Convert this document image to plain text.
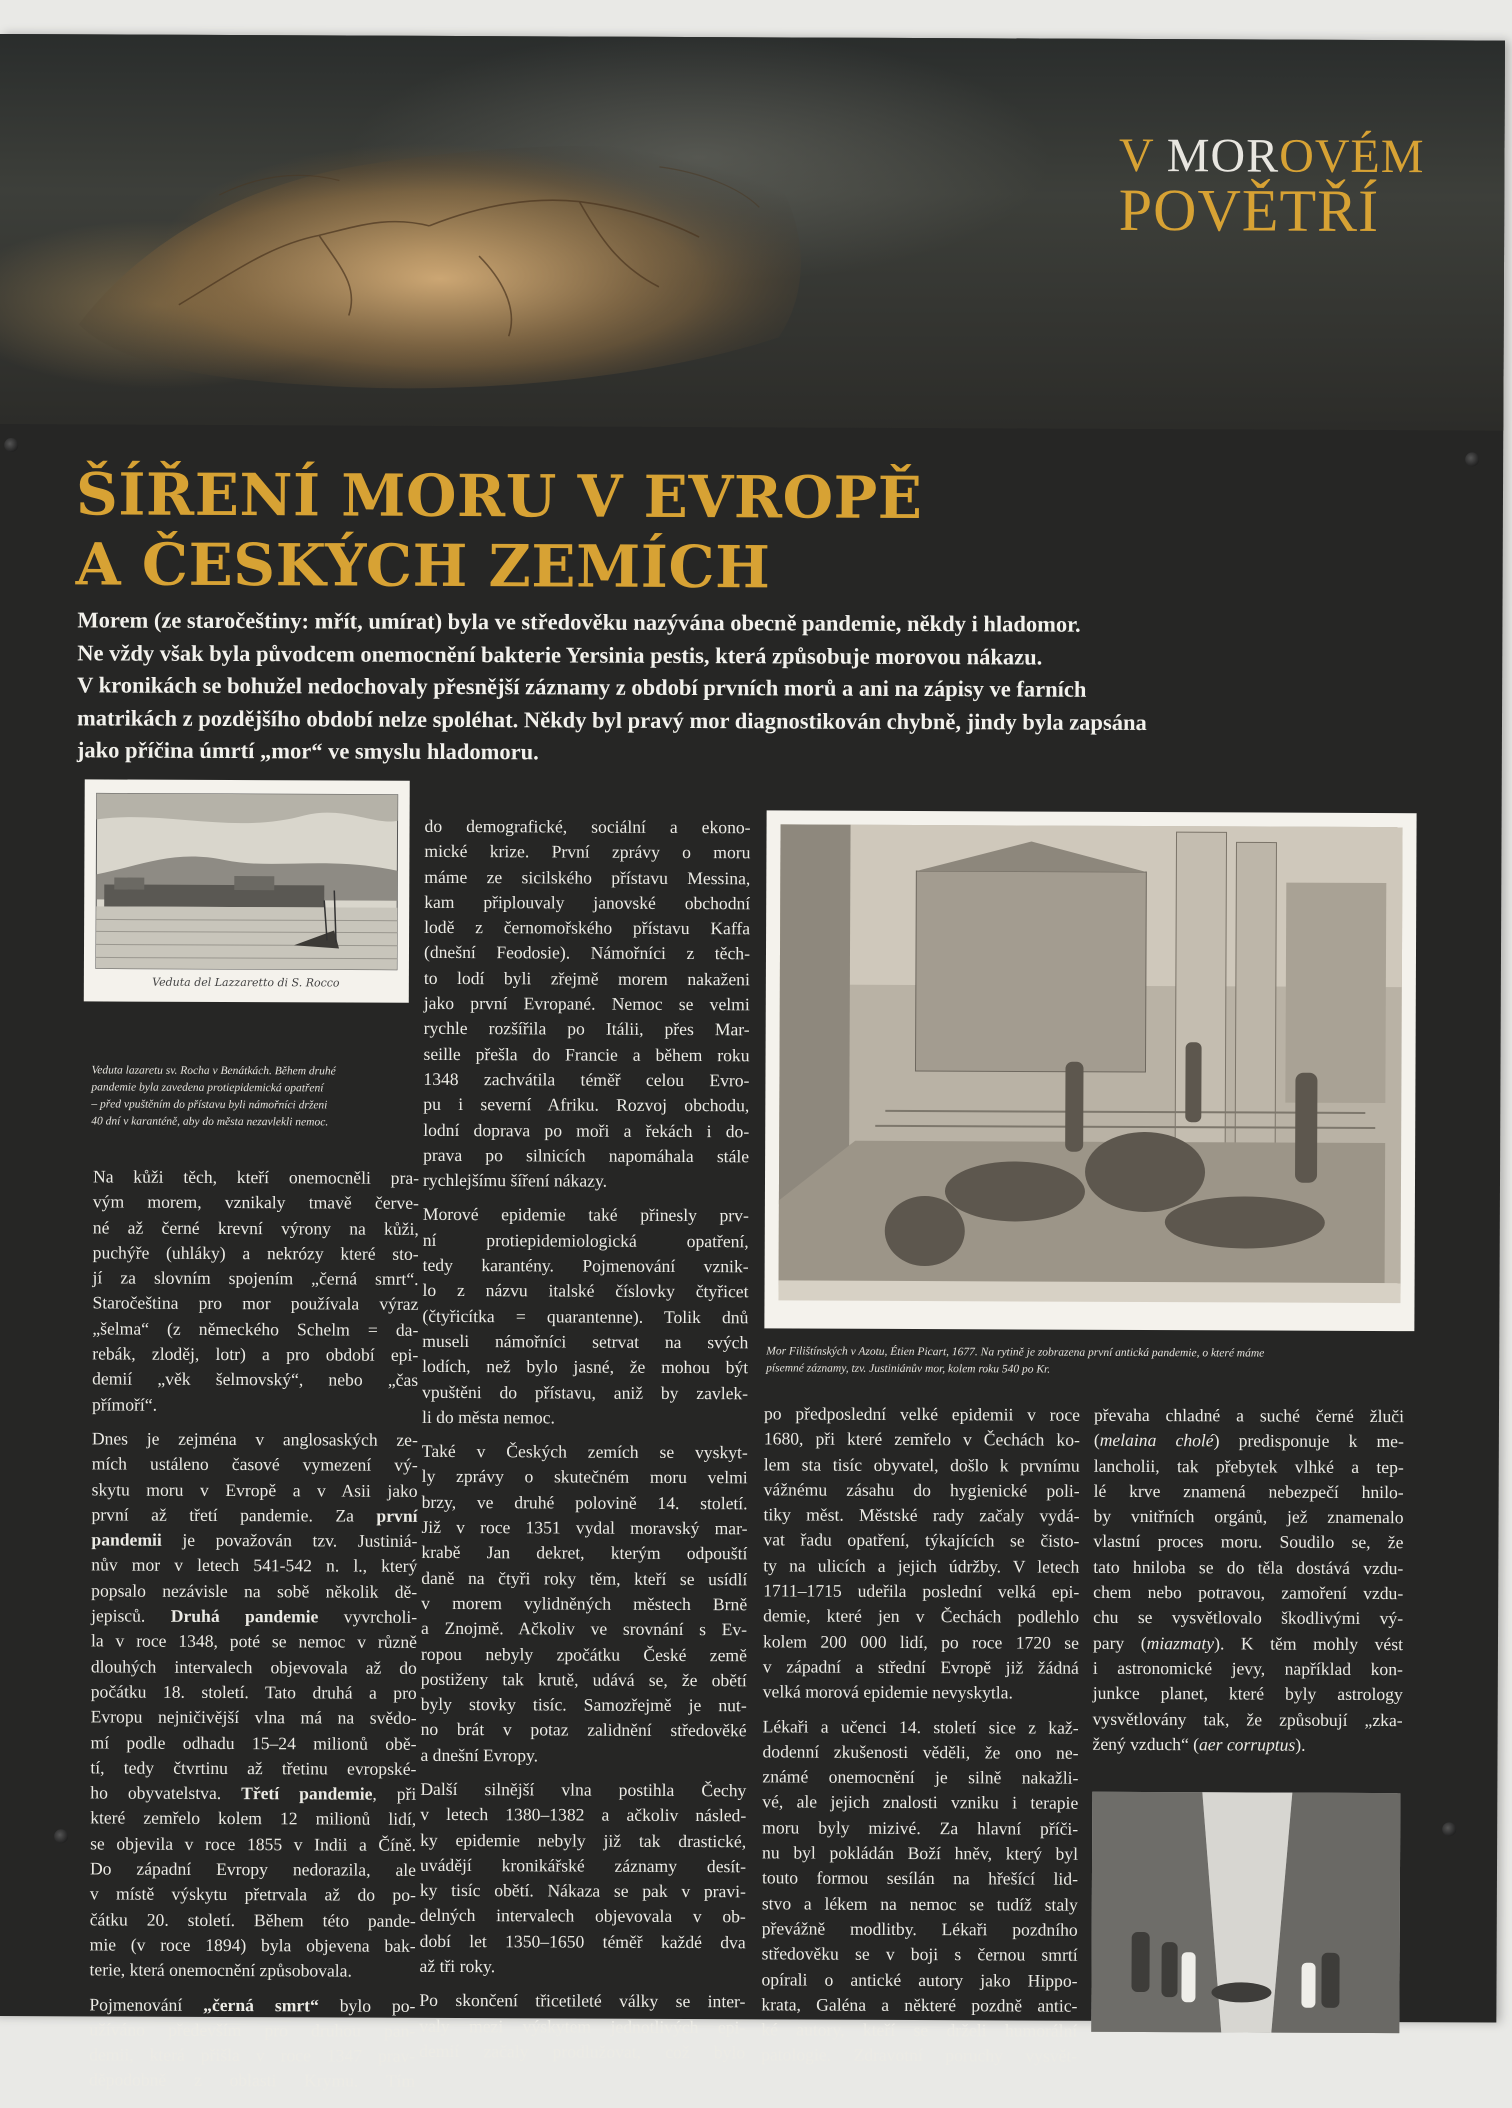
V MOROVÉM
POVĚTŘÍ
ŠÍŘENÍ MORU V EVROPĚ
A ČESKÝCH ZEMÍCH
Morem (ze staročeštiny: mřít, umírat) byla ve středověku nazývána obecně pandemie, někdy i hladomor.
Ne vždy však byla původcem onemocnění bakterie Yersinia pestis, která způsobuje morovou nákazu.
V kronikách se bohužel nedochovaly přesnější záznamy z období prvních morů a ani na zápisy ve farních
matrikách z pozdějšího období nelze spoléhat. Někdy byl pravý mor diagnostikován chybně, jindy byla zapsána
jako příčina úmrtí „mor“ ve smyslu hladomoru.
Veduta del Lazzaretto di S. Rocco
Veduta lazaretu sv. Rocha v Benátkách. Během druhé
pandemie byla zavedena protiepidemická opatření
– před vpuštěním do přístavu byli námořníci drženi
40 dní v karanténě, aby do města nezavlekli nemoc.
Mor Filištínských v Azotu, Étien Picart, 1677. Na rytině je zobrazena první antická pandemie, o které máme
písemné záznamy, tzv. Justiniánův mor, kolem roku 540 po Kr.

Na kůži těch, kteří onemocněli pra-
vým morem, vznikaly tmavě červe-
né až černé krevní výrony na kůži,
puchýře (uhláky) a nekrózy které sto-
jí za slovním spojením „černá smrt“.
Staročeština pro mor používala výraz
„šelma“ (z německého Schelm = da-
rebák, zloděj, lotr) a pro období epi-
demií „věk šelmovský“, nebo „čas
přímoří“.

Dnes je zejména v anglosaských ze-
mích ustáleno časové vymezení vý-
skytu moru v Evropě a v Asii jako
první až třetí pandemie. Za první
pandemii je považován tzv. Justiniá-
nův mor v letech 541-542 n. l., který
popsalo nezávisle na sobě několik dě-
jepisců. Druhá pandemie vyvrcholi-
la v roce 1348, poté se nemoc v různě
dlouhých intervalech objevovala až do
počátku 18. století. Tato druhá a pro
Evropu nejničivější vlna má na svědo-
mí podle odhadu 15–24 milionů obě-
tí, tedy čtvrtinu až třetinu evropské-
ho obyvatelstva. Třetí pandemie, při
které zemřelo kolem 12 milionů lidí,
se objevila v roce 1855 v Indii a Číně.
Do západní Evropy nedorazila, ale
v místě výskytu přetrvala až do po-
čátku 20. století. Během této pande-
mie (v roce 1894) byla objevena bak-
terie, která onemocnění způsobovala.

Pojmenování „černá smrt“ bylo po-
užíváno především pro druhou pan-
demii, která přišla v roce 1347 prav-
děpodobně z oblasti Krymu. Tím

do demografické, sociální a ekono-
mické krize. První zprávy o moru
máme ze sicilského přístavu Messina,
kam připlouvaly janovské obchodní
lodě z černomořského přístavu Kaffa
(dnešní Feodosie). Námořníci z těch-
to lodí byli zřejmě morem nakaženi
jako první Evropané. Nemoc se velmi
rychle rozšířila po Itálii, přes Mar-
seille přešla do Francie a během roku
1348 zachvátila téměř celou Evro-
pu i severní Afriku. Rozvoj obchodu,
lodní doprava po moři a řekách i do-
prava po silnicích napomáhala stále
rychlejšímu šíření nákazy.

Morové epidemie také přinesly prv-
ní protiepidemiologická opatření,
tedy karantény. Pojmenování vznik-
lo z názvu italské číslovky čtyřicet
(čtyřicítka = quarantenne). Tolik dnů
museli námořníci setrvat na svých
lodích, než bylo jasné, že mohou být
vpuštěni do přístavu, aniž by zavlek-
li do města nemoc.

Také v Českých zemích se vyskyt-
ly zprávy o skutečném moru velmi
brzy, ve druhé polovině 14. století.
Již v roce 1351 vydal moravský mar-
krabě Jan dekret, kterým odpouští
daně na čtyři roky těm, kteří se usídlí
v morem vylidněných městech Brně
a Znojmě. Ačkoliv ve srovnání s Ev-
ropou nebyly zpočátku České země
postiženy tak krutě, udává se, že obětí
byly stovky tisíc. Samozřejmě je nut-
no brát v potaz zalidnění středověké
a dnešní Evropy.

Další silnější vlna postihla Čechy
v letech 1380–1382 a ačkoliv násled-
ky epidemie nebyly již tak drastické,
uvádějí kronikářské záznamy desít-
ky tisíc obětí. Nákaza se pak v pravi-
delných intervalech objevovala v ob-
dobí let 1350–1650 téměř každé dva
až tři roky.

Po skončení třicetileté války se inter-
valy mezi výskytem jednotlivých epi-
demií začaly prodlužovat, což bylo

po předposlední velké epidemii v roce
1680, při které zemřelo v Čechách ko-
lem sta tisíc obyvatel, došlo k prvnímu
vážnému zásahu do hygienické poli-
tiky měst. Městské rady začaly vydá-
vat řadu opatření, týkajících se čisto-
ty na ulicích a jejich údržby. V letech
1711–1715 udeřila poslední velká epi-
demie, které jen v Čechách podlehlo
kolem 200 000 lidí, po roce 1720 se
v západní a střední Evropě již žádná
velká morová epidemie nevyskytla.

Lékaři a učenci 14. století sice z kaž-
dodenní zkušenosti věděli, že ono ne-
známé onemocnění je silně nakažli-
vé, ale jejich znalosti vzniku i terapie
moru byly mizivé. Za hlavní příči-
nu byl pokládán Boží hněv, který byl
touto formou sesílán na hřešící lid-
stvo a lékem na nemoc se tudíž staly
převážně modlitby. Lékaři pozdního
středověku se v boji s černou smrtí
opírali o antické autory jako Hippo-
krata, Galéna a některé pozdně antic-
ké autory, kteří se drželi humorální
patologie. Zdravotní poruchy vysvět-

převaha chladné a suché černé žluči
(melaina cholé) predisponuje k me-
lancholii, tak přebytek vlhké a tep-
lé krve znamená nebezpečí hnilo-
by vnitřních orgánů, jež znamenalo
vlastní proces moru. Soudilo se, že
tato hniloba se do těla dostává vzdu-
chem nebo potravou, zamoření vzdu-
chu se vysvětlovalo škodlivými vý-
pary (miazmaty). K těm mohly vést
i astronomické jevy, například kon-
junkce planet, které byly astrology
vysvětlovány tak, že způsobují „zka-
žený vzduch“ (aer corruptus).
